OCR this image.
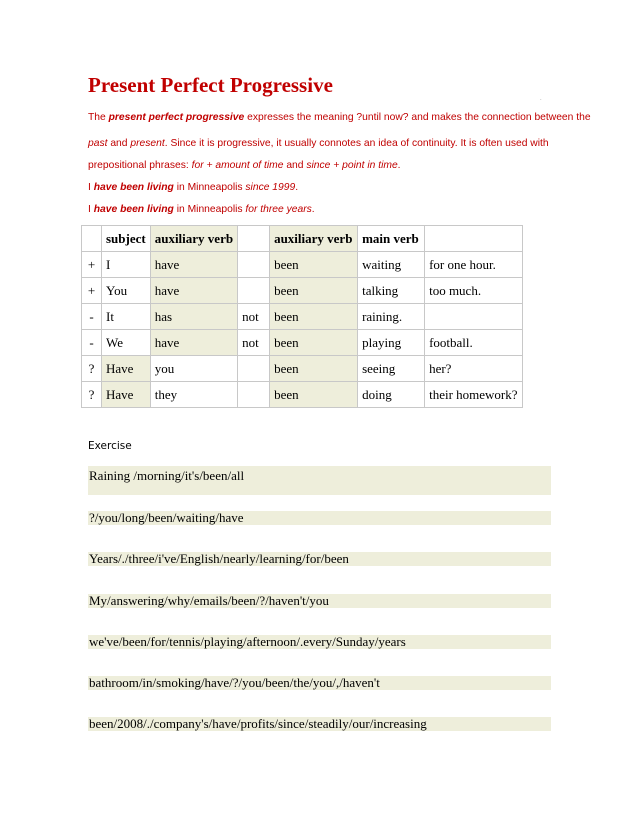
Present Perfect Progressive
.

The present perfect progressive expresses the meaning ?until now? and makes the connection between the

past and present. Since it is progressive, it usually connotes an idea of continuity. It is often used with

prepositional phrases: for + amount of time and since + point in time.

I have been living in Minneapolis since 1999.

I have been living in Minneapolis for three years.

	subject	auxiliary verb		auxiliary verb	main verb	
+	I	have		been	waiting	for one hour.
+	You	have		been	talking	too much.
-	It	has	not	been	raining.	
-	We	have	not	been	playing	football.
?	Have	you		been	seeing	her?
?	Have	they		been	doing	their homework?
Exercise
Raining /morning/it's/been/all
?/you/long/been/waiting/have
Years/./three/i've/English/nearly/learning/for/been
My/answering/why/emails/been/?/haven't/you
we've/been/for/tennis/playing/afternoon/.every/Sunday/years
bathroom/in/smoking/have/?/you/been/the/you/,/haven't
been/2008/./company's/have/profits/since/steadily/our/increasing
